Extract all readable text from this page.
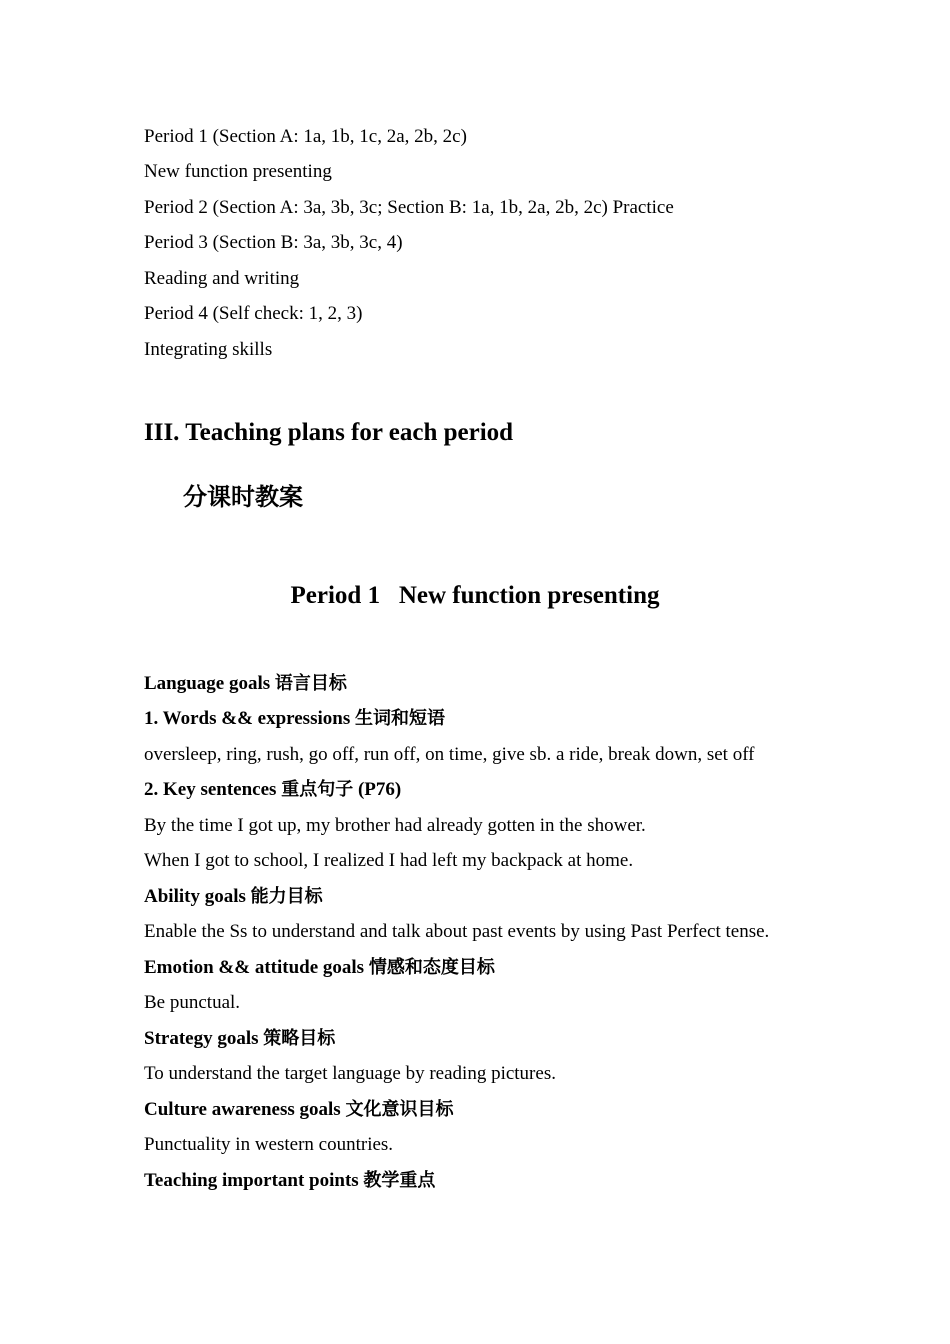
Period 1 (Section A: 1a, 1b, 1c, 2a, 2b, 2c)
New function presenting
Period 2 (Section A: 3a, 3b, 3c; Section B: 1a, 1b, 2a, 2b, 2c) Practice
Period 3 (Section B: 3a, 3b, 3c, 4)
Reading and writing
Period 4 (Self check: 1, 2, 3)
Integrating skills
III. Teaching plans for each period
分课时教案
Period 1   New function presenting
Language goals 语言目标
1. Words && expressions 生词和短语
oversleep, ring, rush, go off, run off, on time, give sb. a ride, break down, set off
2. Key sentences 重点句子 (P76)
By the time I got up, my brother had already gotten in the shower.
When I got to school, I realized I had left my backpack at home.
Ability goals 能力目标
Enable the Ss to understand and talk about past events by using Past Perfect tense.
Emotion && attitude goals 情感和态度目标
Be punctual.
Strategy goals 策略目标
To understand the target language by reading pictures.
Culture awareness goals 文化意识目标
Punctuality in western countries.
Teaching important points 教学重点
